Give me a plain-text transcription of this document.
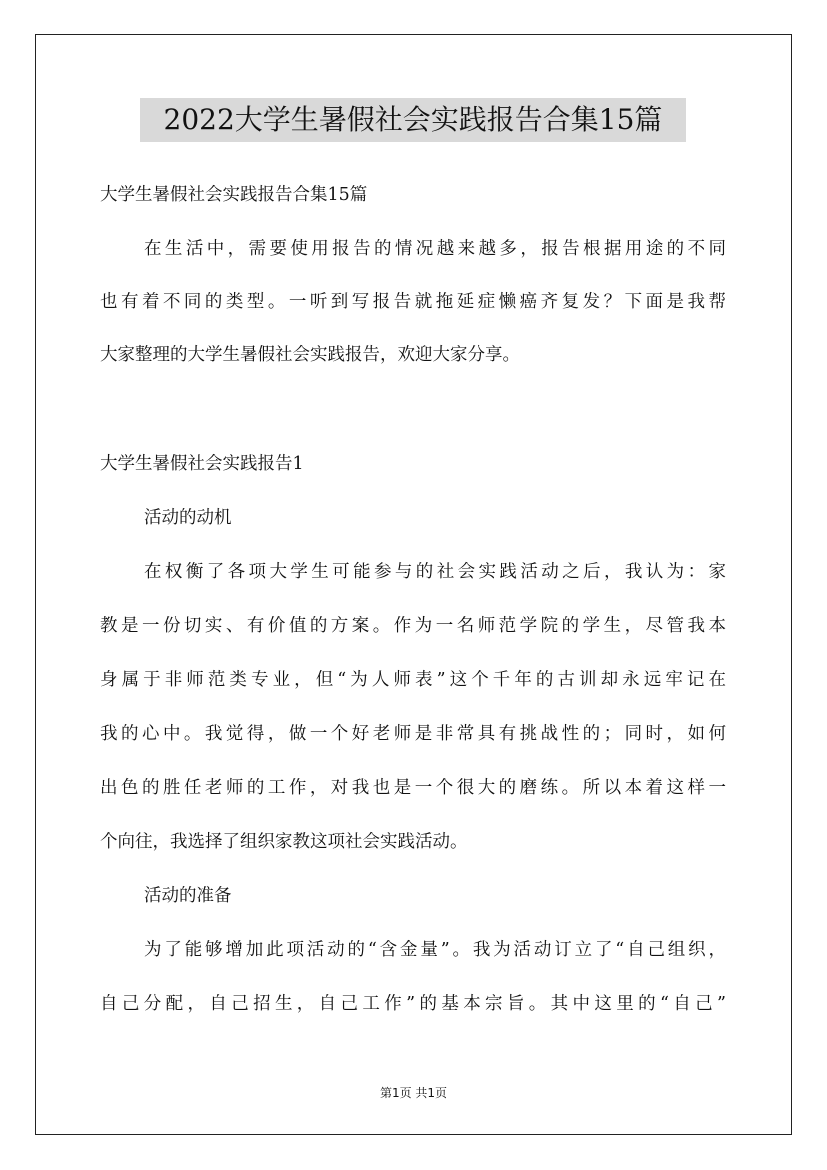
2022大学生暑假社会实践报告合集15篇

大学生暑假社会实践报告合集15篇

在生活中，需要使用报告的情况越来越多，报告根据用途的不同

也有着不同的类型。一听到写报告就拖延症懒癌齐复发？下面是我帮

大家整理的大学生暑假社会实践报告，欢迎大家分享。

大学生暑假社会实践报告1

活动的动机

在权衡了各项大学生可能参与的社会实践活动之后，我认为：家

教是一份切实、有价值的方案。作为一名师范学院的学生，尽管我本

身属于非师范类专业，但“为人师表”这个千年的古训却永远牢记在

我的心中。我觉得，做一个好老师是非常具有挑战性的；同时，如何

出色的胜任老师的工作，对我也是一个很大的磨练。所以本着这样一

个向往，我选择了组织家教这项社会实践活动。

活动的准备

为了能够增加此项活动的“含金量”。我为活动订立了“自己组织，

自己分配，自己招生，自己工作”的基本宗旨。其中这里的“自己”

第1页 共1页
